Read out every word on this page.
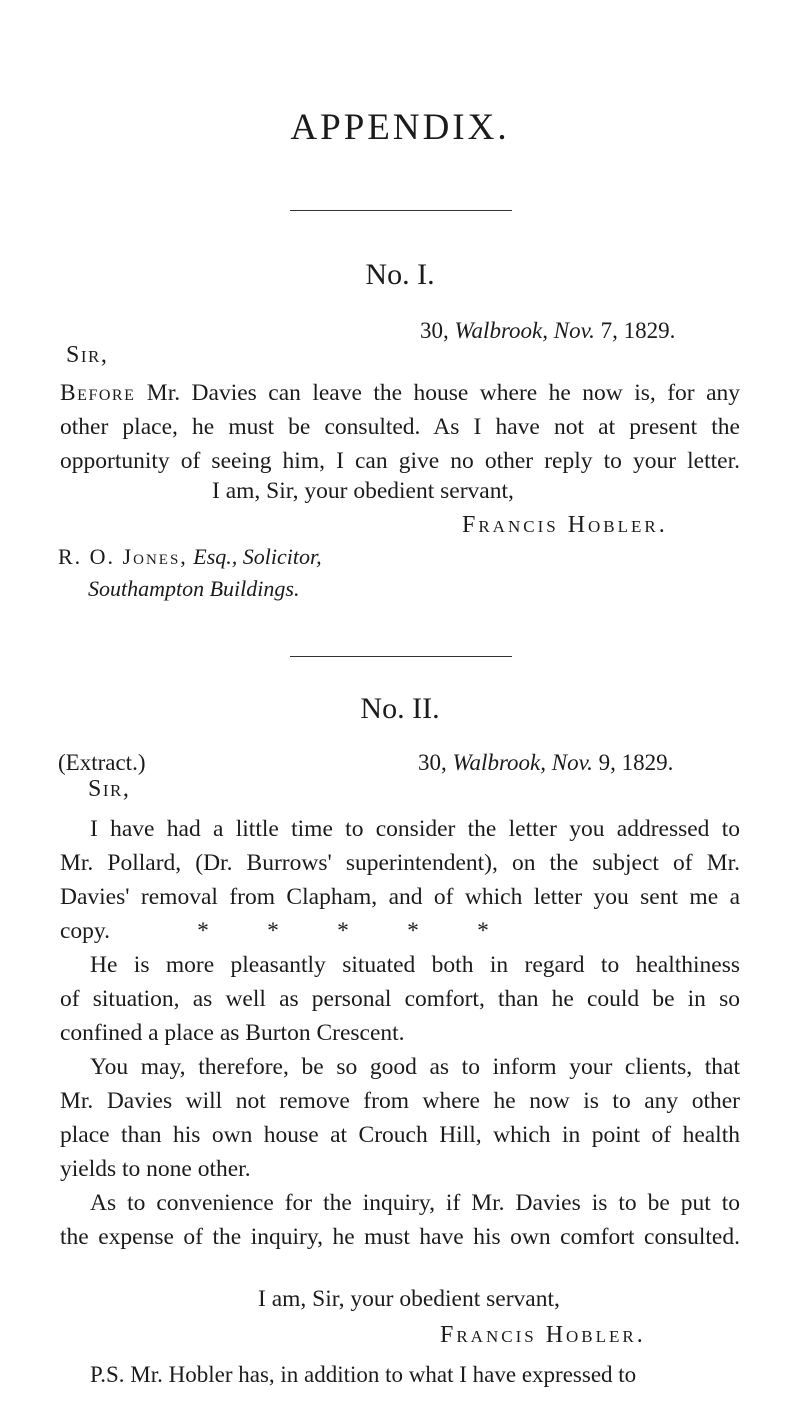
APPENDIX.
No. I.
30, Walbrook, Nov. 7, 1829.
Sir,

Before Mr. Davies can leave the house where he now is, for any

other place, he must be consulted. As I have not at present the

opportunity of seeing him, I can give no other reply to your letter.

I am, Sir, your obedient servant,
Francis Hobler.
R. O. Jones, Esq., Solicitor,
Southampton Buildings.
No. II.
(Extract.)	30, Walbrook, Nov. 9, 1829.
Sir,

I have had a little time to consider the letter you addressed to

Mr. Pollard, (Dr. Burrows' superintendent), on the subject of Mr.

Davies' removal from Clapham, and of which letter you sent me a

copy.	* * * * *

He is more pleasantly situated both in regard to healthiness

of situation, as well as personal comfort, than he could be in so

confined a place as Burton Crescent.

You may, therefore, be so good as to inform your clients, that

Mr. Davies will not remove from where he now is to any other

place than his own house at Crouch Hill, which in point of health

yields to none other.

As to convenience for the inquiry, if Mr. Davies is to be put to

the expense of the inquiry, he must have his own comfort consulted.

I am, Sir, your obedient servant,
Francis Hobler.
P.S. Mr. Hobler has, in addition to what I have expressed to
